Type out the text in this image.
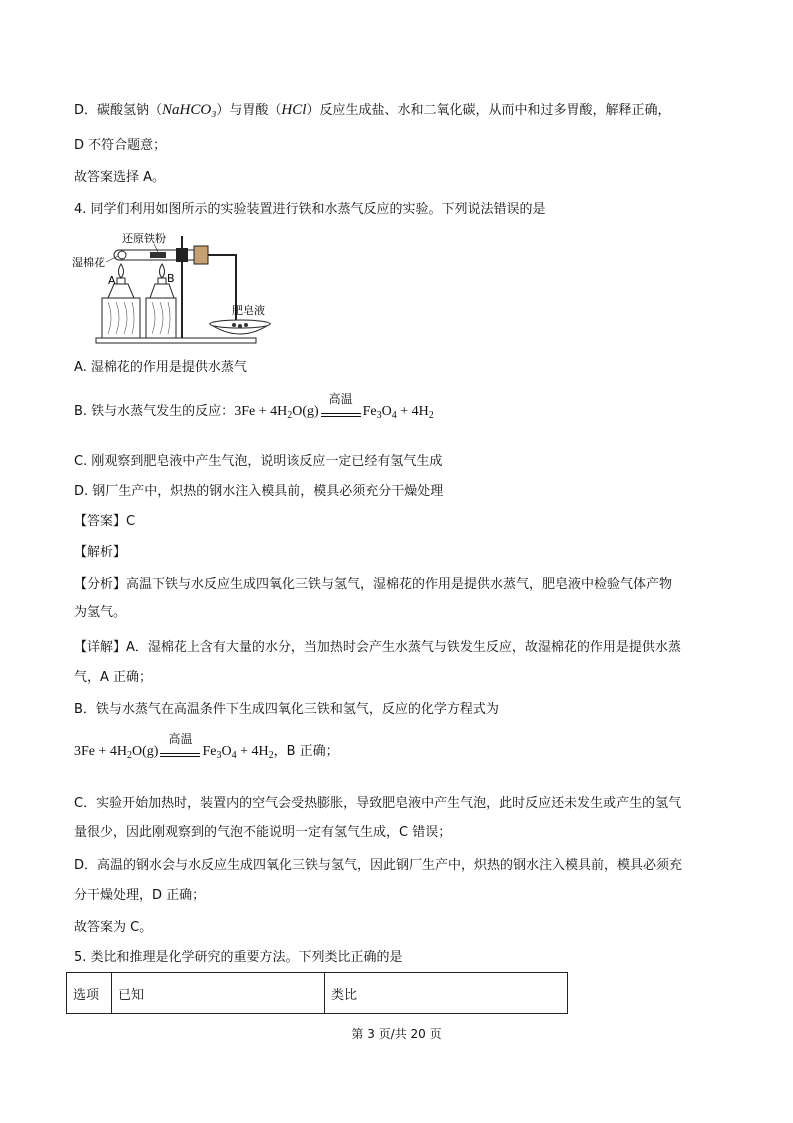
D．碳酸氢钠（NaHCO₃）与胃酸（HCl）反应生成盐、水和二氧化碳，从而中和过多胃酸，解释正确，
D 不符合题意；
故答案选择 A。
4. 同学们利用如图所示的实验装置进行铁和水蒸气反应的实验。下列说法错误的是
湿棉花
还原铁粉
A	B
肥皂液
A. 湿棉花的作用是提供水蒸气
B. 铁与水蒸气发生的反应：$3Fe + 4H_2O(g)$
高温
$Fe_3O_4 + 4H_2$
C. 刚观察到肥皂液中产生气泡，说明该反应一定已经有氢气生成
D. 钢厂生产中，炽热的钢水注入模具前，模具必须充分干燥处理
【答案】C
【解析】
【分析】高温下铁与水反应生成四氧化三铁与氢气，湿棉花的作用是提供水蒸气，肥皂液中检验气体产物
为氢气。
【详解】A．湿棉花上含有大量的水分，当加热时会产生水蒸气与铁发生反应，故湿棉花的作用是提供水蒸
气，A 正确；
B．铁与水蒸气在高温条件下生成四氧化三铁和氢气，反应的化学方程式为
$3Fe + 4H_2O(g)$
高温
$Fe_3O_4 + 4H_2$，B 正确；
C．实验开始加热时，装置内的空气会受热膨胀，导致肥皂液中产生气泡，此时反应还未发生或产生的氢气
量很少，因此刚观察到的气泡不能说明一定有氢气生成，C 错误；
D．高温的钢水会与水反应生成四氧化三铁与氢气，因此钢厂生产中，炽热的钢水注入模具前，模具必须充
分干燥处理，D 正确；
故答案为 C。
5. 类比和推理是化学研究的重要方法。下列类比正确的是
选项	已知	类比
第 3 页/共 20 页
